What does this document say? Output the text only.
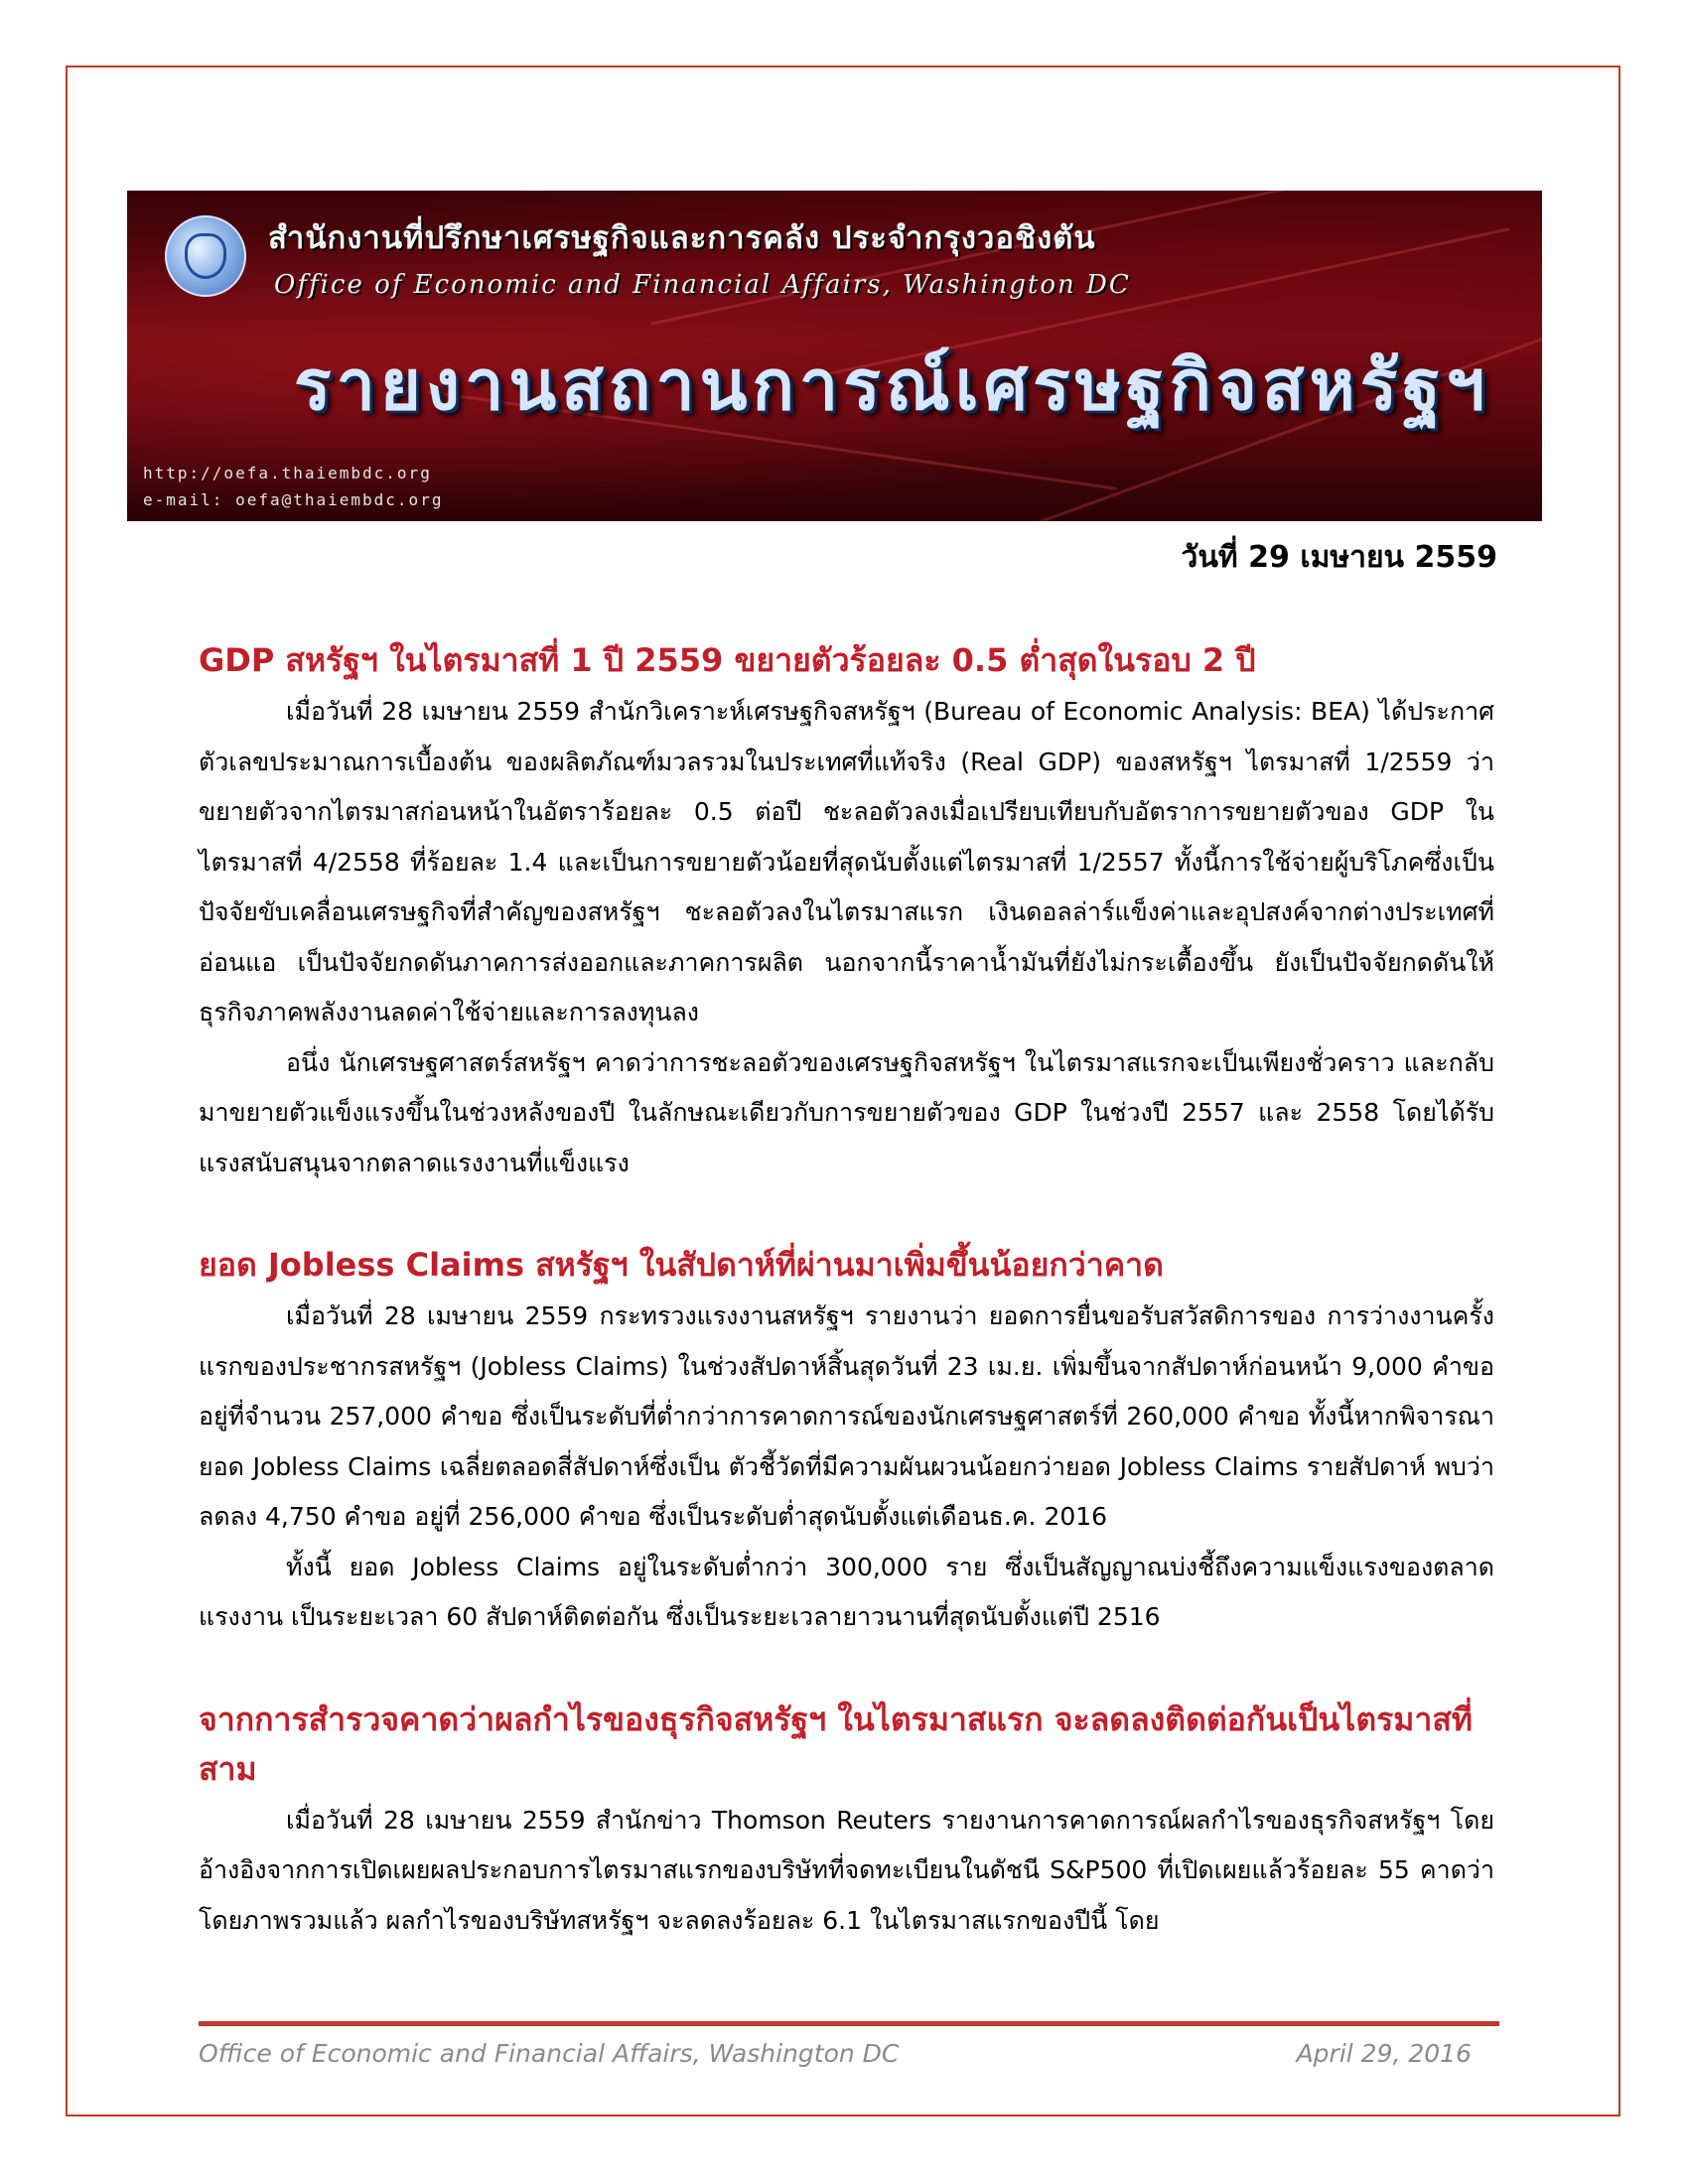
สำนักงานที่ปรึกษาเศรษฐกิจและการคลัง ประจำกรุงวอชิงตัน
Office of Economic and Financial Affairs, Washington DC
รายงานสถานการณ์เศรษฐกิจสหรัฐฯ
http://oefa.thaiembdc.org
e-mail: oefa@thaiembdc.org
วันที่ 29 เมษายน 2559
GDP สหรัฐฯ ในไตรมาสที่ 1 ปี 2559 ขยายตัวร้อยละ 0.5 ต่ำสุดในรอบ 2 ปี

เมื่อวันที่ 28 เมษายน 2559 สำนักวิเคราะห์เศรษฐกิจสหรัฐฯ (Bureau of Economic Analysis: BEA) ได้ประกาศตัวเลขประมาณการเบื้องต้น ของผลิตภัณฑ์มวลรวมในประเทศที่แท้จริง (Real GDP) ของสหรัฐฯ ไตรมาสที่ 1/2559 ว่าขยายตัวจากไตรมาสก่อนหน้าในอัตราร้อยละ 0.5 ต่อปี ชะลอตัวลงเมื่อเปรียบเทียบกับอัตราการขยายตัวของ GDP ในไตรมาสที่ 4/2558 ที่ร้อยละ 1.4 และเป็นการขยายตัวน้อยที่สุดนับตั้งแต่ไตรมาสที่ 1/2557 ทั้งนี้การใช้จ่ายผู้บริโภคซึ่งเป็นปัจจัยขับเคลื่อนเศรษฐกิจที่สำคัญของสหรัฐฯ ชะลอตัวลงในไตรมาสแรก เงินดอลล่าร์แข็งค่าและอุปสงค์จากต่างประเทศที่อ่อนแอ เป็นปัจจัยกดดันภาคการส่งออกและภาคการผลิต นอกจากนี้ราคาน้ำมันที่ยังไม่กระเตื้องขึ้น ยังเป็นปัจจัยกดดันให้ธุรกิจภาคพลังงานลดค่าใช้จ่ายและการลงทุนลง

อนึ่ง นักเศรษฐศาสตร์สหรัฐฯ คาดว่าการชะลอตัวของเศรษฐกิจสหรัฐฯ ในไตรมาสแรกจะเป็นเพียงชั่วคราว และกลับมาขยายตัวแข็งแรงขึ้นในช่วงหลังของปี ในลักษณะเดียวกับการขยายตัวของ GDP ในช่วงปี 2557 และ 2558 โดยได้รับแรงสนับสนุนจากตลาดแรงงานที่แข็งแรง

ยอด Jobless Claims สหรัฐฯ ในสัปดาห์ที่ผ่านมาเพิ่มขึ้นน้อยกว่าคาด

เมื่อวันที่ 28 เมษายน 2559 กระทรวงแรงงานสหรัฐฯ รายงานว่า ยอดการยื่นขอรับสวัสดิการของ การว่างงานครั้งแรกของประชากรสหรัฐฯ (Jobless Claims) ในช่วงสัปดาห์สิ้นสุดวันที่ 23 เม.ย. เพิ่มขึ้นจากสัปดาห์ก่อนหน้า 9,000 คำขอ อยู่ที่จำนวน 257,000 คำขอ ซึ่งเป็นระดับที่ต่ำกว่าการคาดการณ์ของนักเศรษฐศาสตร์ที่ 260,000 คำขอ ทั้งนี้หากพิจารณายอด Jobless Claims เฉลี่ยตลอดสี่สัปดาห์ซึ่งเป็น ตัวชี้วัดที่มีความผันผวนน้อยกว่ายอด Jobless Claims รายสัปดาห์ พบว่าลดลง 4,750 คำขอ อยู่ที่ 256,000 คำขอ ซึ่งเป็นระดับต่ำสุดนับตั้งแต่เดือนธ.ค. 2016

ทั้งนี้ ยอด Jobless Claims อยู่ในระดับต่ำกว่า 300,000 ราย ซึ่งเป็นสัญญาณบ่งชี้ถึงความแข็งแรงของตลาดแรงงาน เป็นระยะเวลา 60 สัปดาห์ติดต่อกัน ซึ่งเป็นระยะเวลายาวนานที่สุดนับตั้งแต่ปี 2516

จากการสำรวจคาดว่าผลกำไรของธุรกิจสหรัฐฯ ในไตรมาสแรก จะลดลงติดต่อกันเป็นไตรมาสที่สาม

เมื่อวันที่ 28 เมษายน 2559 สำนักข่าว Thomson Reuters รายงานการคาดการณ์ผลกำไรของธุรกิจสหรัฐฯ โดยอ้างอิงจากการเปิดเผยผลประกอบการไตรมาสแรกของบริษัทที่จดทะเบียนในดัชนี S&P500 ที่เปิดเผยแล้วร้อยละ 55 คาดว่าโดยภาพรวมแล้ว ผลกำไรของบริษัทสหรัฐฯ จะลดลงร้อยละ 6.1 ในไตรมาสแรกของปีนี้ โดย

Office of Economic and Financial Affairs, Washington DC	April 29, 2016
